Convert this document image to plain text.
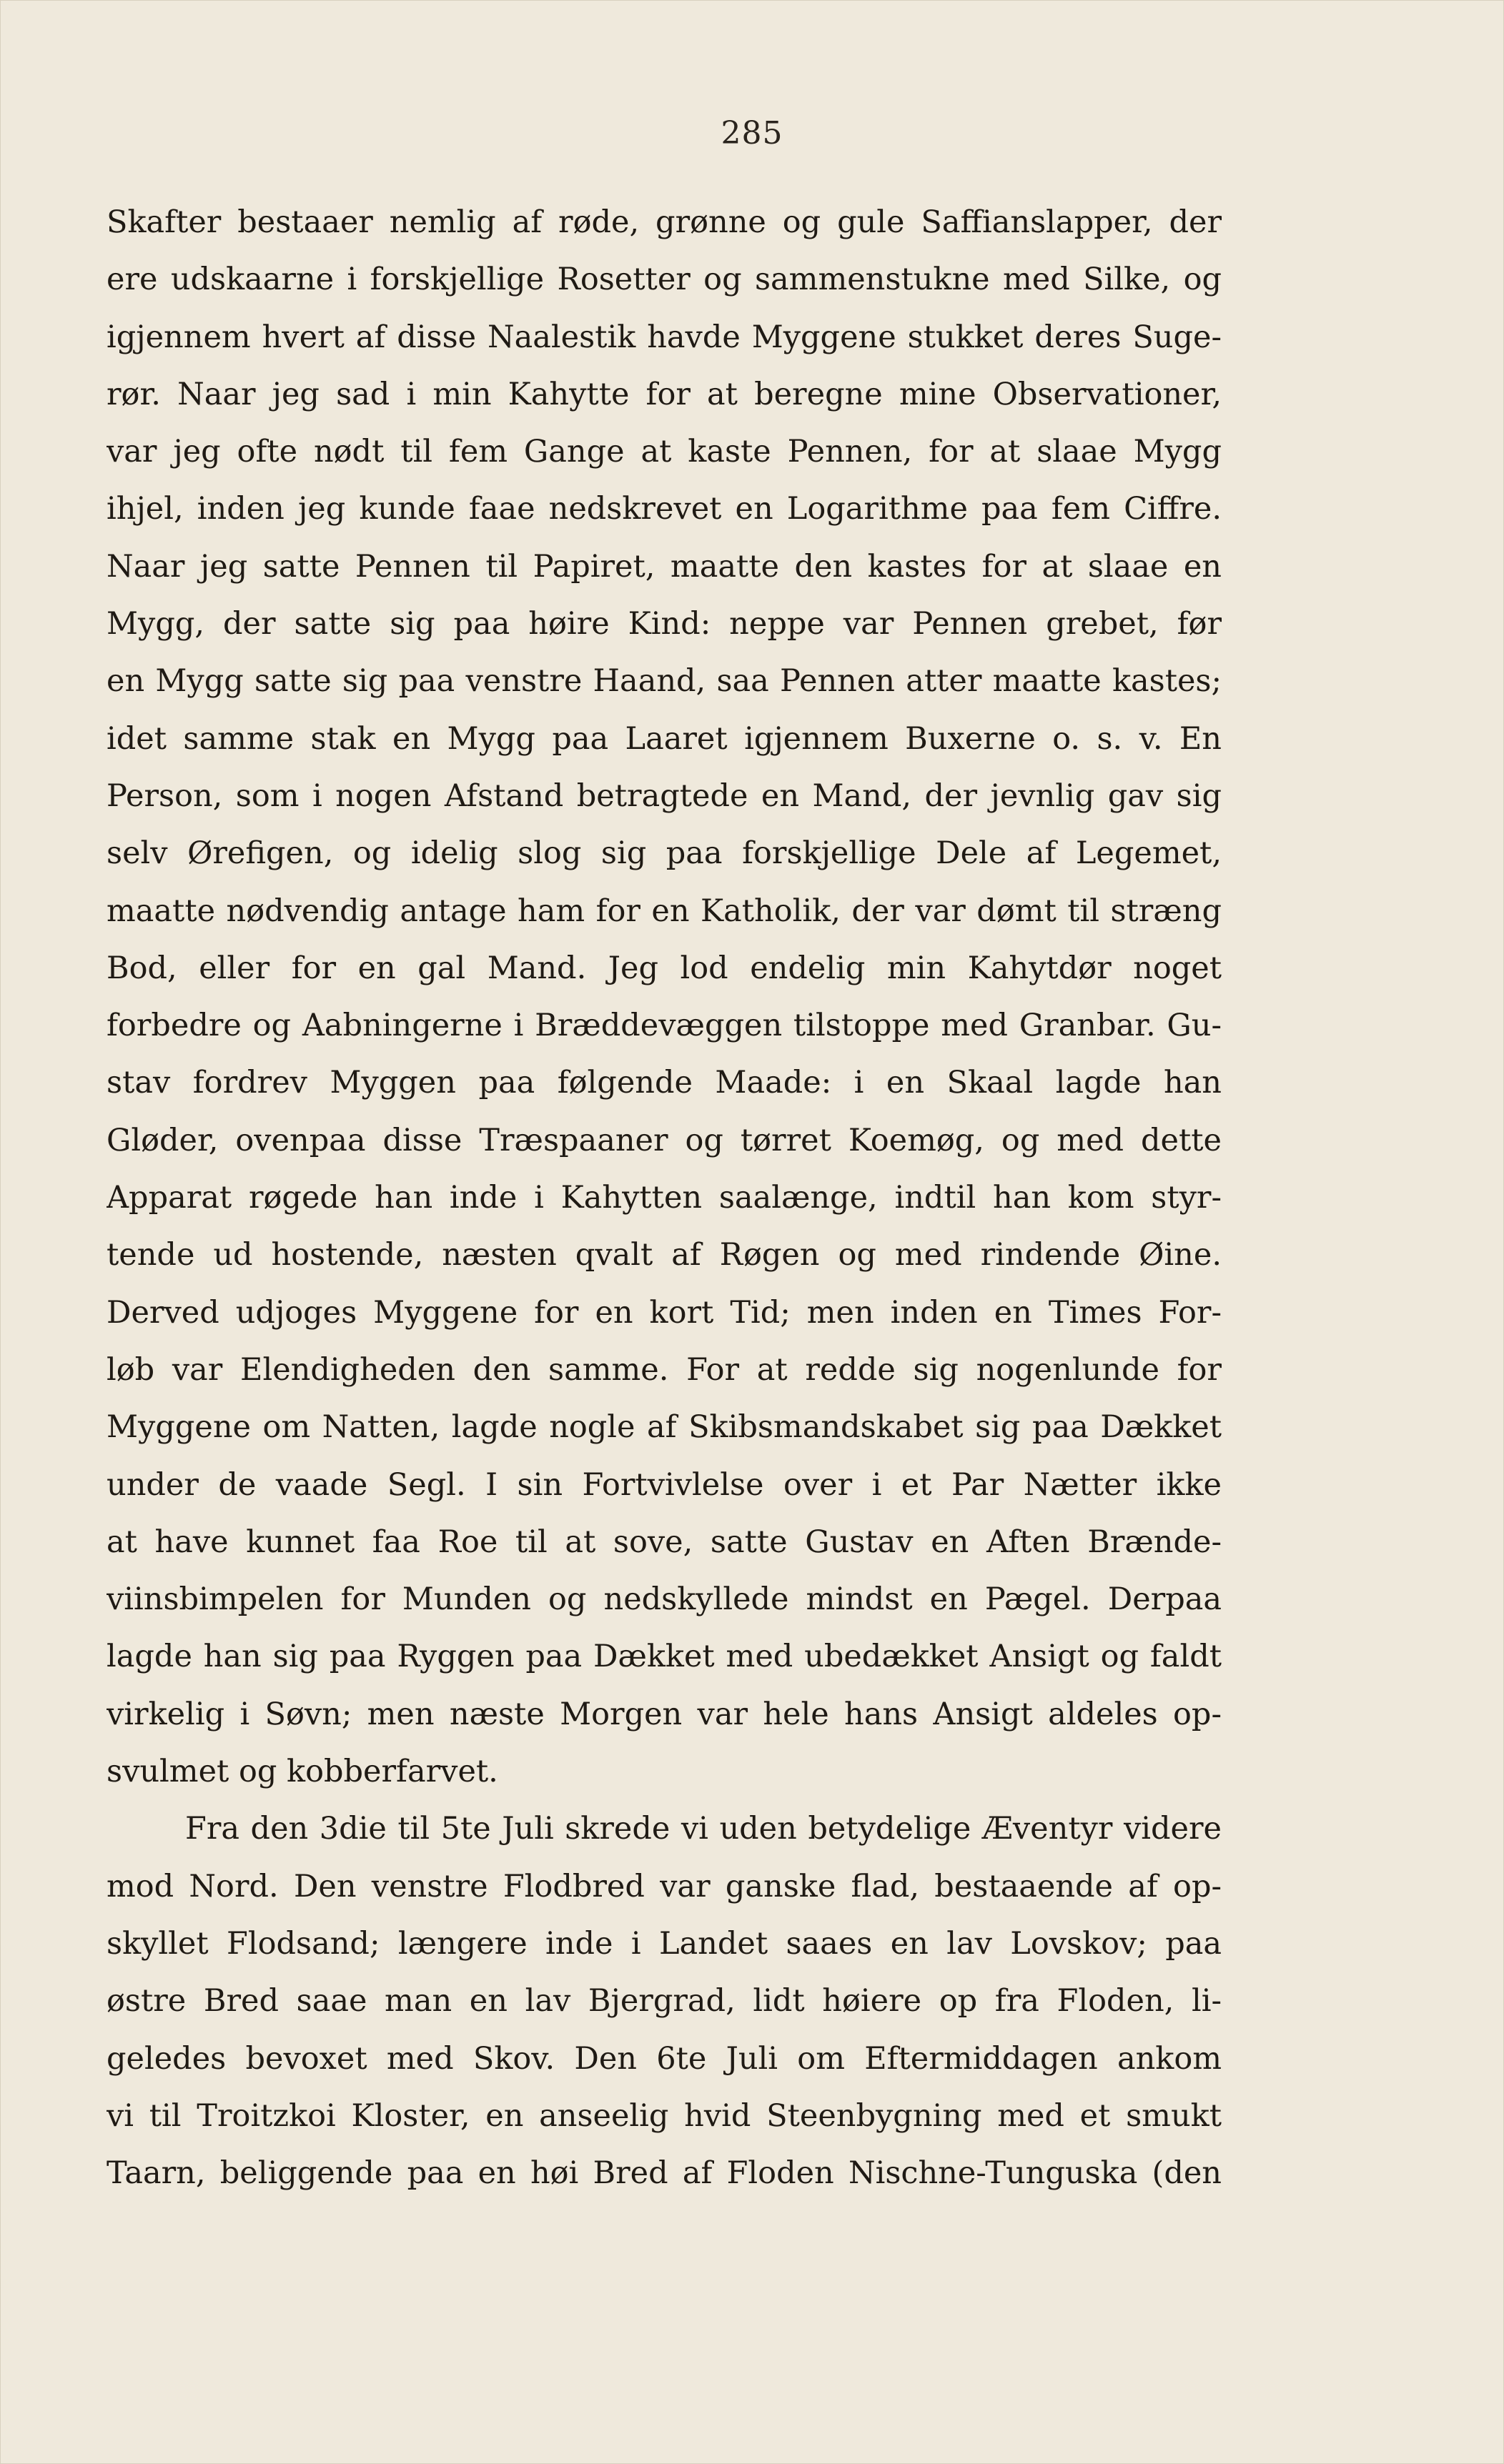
285
Skafter bestaaer nemlig af røde, grønne og gule Saffianslapper, der
ere udskaarne i forskjellige Rosetter og sammenstukne med Silke, og
igjennem hvert af disse Naalestik havde Myggene stukket deres Suge-
rør. Naar jeg sad i min Kahytte for at beregne mine Observationer,
var jeg ofte nødt til fem Gange at kaste Pennen, for at slaae Mygg
ihjel, inden jeg kunde faae nedskrevet en Logarithme paa fem Ciffre.
Naar jeg satte Pennen til Papiret, maatte den kastes for at slaae en
Mygg, der satte sig paa høire Kind: neppe var Pennen grebet, før
en Mygg satte sig paa venstre Haand, saa Pennen atter maatte kastes;
idet samme stak en Mygg paa Laaret igjennem Buxerne o. s. v. En
Person, som i nogen Afstand betragtede en Mand, der jevnlig gav sig
selv Ørefigen, og idelig slog sig paa forskjellige Dele af Legemet,
maatte nødvendig antage ham for en Katholik, der var dømt til stræng
Bod, eller for en gal Mand. Jeg lod endelig min Kahytdør noget
forbedre og Aabningerne i Bræddevæggen tilstoppe med Granbar. Gu-
stav fordrev Myggen paa følgende Maade: i en Skaal lagde han
Gløder, ovenpaa disse Træspaaner og tørret Koemøg, og med dette
Apparat røgede han inde i Kahytten saalænge, indtil han kom styr-
tende ud hostende, næsten qvalt af Røgen og med rindende Øine.
Derved udjoges Myggene for en kort Tid; men inden en Times For-
løb var Elendigheden den samme. For at redde sig nogenlunde for
Myggene om Natten, lagde nogle af Skibsmandskabet sig paa Dækket
under de vaade Segl. I sin Fortvivlelse over i et Par Nætter ikke
at have kunnet faa Roe til at sove, satte Gustav en Aften Brænde-
viinsbimpelen for Munden og nedskyllede mindst en Pægel. Derpaa
lagde han sig paa Ryggen paa Dækket med ubedækket Ansigt og faldt
virkelig i Søvn; men næste Morgen var hele hans Ansigt aldeles op-
svulmet og kobberfarvet.
Fra den 3die til 5te Juli skrede vi uden betydelige Æventyr videre
mod Nord. Den venstre Flodbred var ganske flad, bestaaende af op-
skyllet Flodsand; længere inde i Landet saaes en lav Lovskov; paa
østre Bred saae man en lav Bjergrad, lidt høiere op fra Floden, li-
geledes bevoxet med Skov. Den 6te Juli om Eftermiddagen ankom
vi til Troitzkoi Kloster, en anseelig hvid Steenbygning med et smukt
Taarn, beliggende paa en høi Bred af Floden Nischne-Tunguska (den
